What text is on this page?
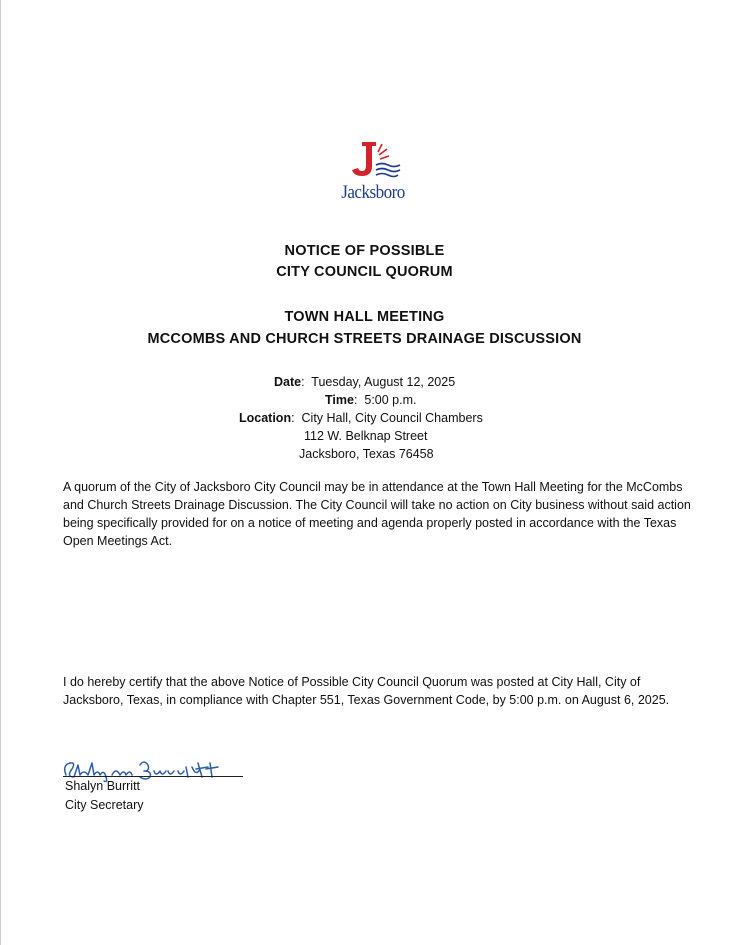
Jacksboro
NOTICE OF POSSIBLE
CITY COUNCIL QUORUM
TOWN HALL MEETING
MCCOMBS AND CHURCH STREETS DRAINAGE DISCUSSION
Date:  Tuesday, August 12, 2025
Time:  5:00 p.m.
Location:  City Hall, City Council Chambers
112 W. Belknap Street
Jacksboro, Texas 76458
A quorum of the City of Jacksboro City Council may be in attendance at the Town Hall Meeting for the McCombs and Church Streets Drainage Discussion. The City Council will take no action on City business without said action being specifically provided for on a notice of meeting and agenda properly posted in accordance with the Texas Open Meetings Act.
I do hereby certify that the above Notice of Possible City Council Quorum was posted at City Hall, City of Jacksboro, Texas, in compliance with Chapter 551, Texas Government Code, by 5:00 p.m. on August 6, 2025.
Shalyn Burritt
City Secretary
